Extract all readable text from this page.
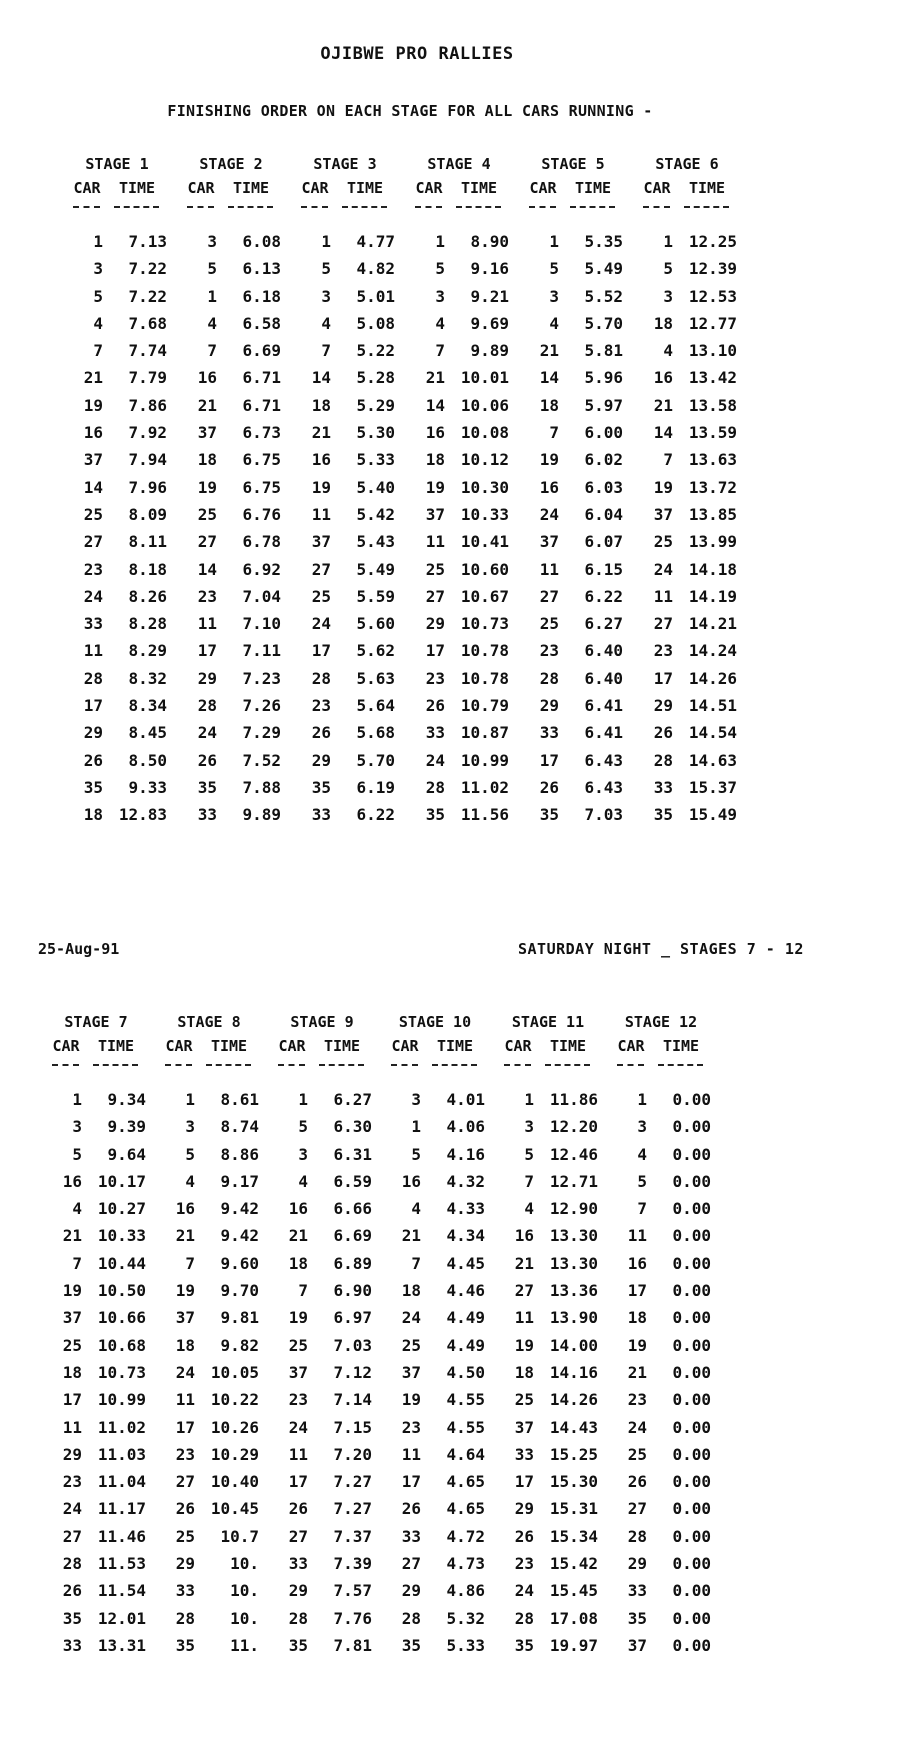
OJIBWE PRO RALLIES
FINISHING ORDER ON EACH STAGE FOR ALL CARS RUNNING -
25-Aug-91	SATURDAY NIGHT _ STAGES 7 - 12
STAGE 1
CAR	TIME
1	7.13
3	7.22
5	7.22
4	7.68
7	7.74
21	7.79
19	7.86
16	7.92
37	7.94
14	7.96
25	8.09
27	8.11
23	8.18
24	8.26
33	8.28
11	8.29
28	8.32
17	8.34
29	8.45
26	8.50
35	9.33
18 12.83
STAGE 2
CAR	TIME
3	6.08
5	6.13
1	6.18
4	6.58
7	6.69
16	6.71
21	6.71
37	6.73
18	6.75
19	6.75
25	6.76
27	6.78
14	6.92
23	7.04
11	7.10
17	7.11
29	7.23
28	7.26
24	7.29
26	7.52
35	7.88
33	9.89
STAGE 3
CAR	TIME
1	4.77
5	4.82
3	5.01
4	5.08
7	5.22
14	5.28
18	5.29
21	5.30
16	5.33
19	5.40
11	5.42
37	5.43
27	5.49
25	5.59
24	5.60
17	5.62
28	5.63
23	5.64
26	5.68
29	5.70
35	6.19
33	6.22
STAGE 4
CAR	TIME
1	8.90
5	9.16
3	9.21
4	9.69
7	9.89
21 10.01
14 10.06
16 10.08
18 10.12
19 10.30
37 10.33
11 10.41
25 10.60
27 10.67
29 10.73
17 10.78
23 10.78
26 10.79
33 10.87
24 10.99
28 11.02
35 11.56
STAGE 5
CAR	TIME
1	5.35
5	5.49
3	5.52
4	5.70
21	5.81
14	5.96
18	5.97
7	6.00
19	6.02
16	6.03
24	6.04
37	6.07
11	6.15
27	6.22
25	6.27
23	6.40
28	6.40
29	6.41
33	6.41
17	6.43
26	6.43
35	7.03
STAGE 6
CAR	TIME
1 12.25
5 12.39
3 12.53
18 12.77
4 13.10
16 13.42
21 13.58
14 13.59
7 13.63
19 13.72
37 13.85
25 13.99
24 14.18
11 14.19
27 14.21
23 14.24
17 14.26
29 14.51
26 14.54
28 14.63
33 15.37
35 15.49
STAGE 7
CAR	TIME
1	9.34
3	9.39
5	9.64
16 10.17
4 10.27
21 10.33
7 10.44
19 10.50
37 10.66
25 10.68
18 10.73
17 10.99
11 11.02
29 11.03
23 11.04
24 11.17
27 11.46
28 11.53
26 11.54
35 12.01
33 13.31
STAGE 8
CAR	TIME
1	8.61
3	8.74
5	8.86
4	9.17
16	9.42
21	9.42
7	9.60
19	9.70
37	9.81
18	9.82
24 10.05
11 10.22
17 10.26
23 10.29
27 10.40
26 10.45
25	10.7
29	10.
33	10.
28	10.
35	11.
STAGE 9
CAR	TIME
1	6.27
5	6.30
3	6.31
4	6.59
16	6.66
21	6.69
18	6.89
7	6.90
19	6.97
25	7.03
37	7.12
23	7.14
24	7.15
11	7.20
17	7.27
26	7.27
27	7.37
33	7.39
29	7.57
28	7.76
35	7.81
STAGE 10
CAR	TIME
3	4.01
1	4.06
5	4.16
16	4.32
4	4.33
21	4.34
7	4.45
18	4.46
24	4.49
25	4.49
37	4.50
19	4.55
23	4.55
11	4.64
17	4.65
26	4.65
33	4.72
27	4.73
29	4.86
28	5.32
35	5.33
STAGE 11
CAR	TIME
1 11.86
3 12.20
5 12.46
7 12.71
4 12.90
16 13.30
21 13.30
27 13.36
11 13.90
19 14.00
18 14.16
25 14.26
37 14.43
33 15.25
17 15.30
29 15.31
26 15.34
23 15.42
24 15.45
28 17.08
35 19.97
STAGE 12
CAR	TIME
1	0.00
3	0.00
4	0.00
5	0.00
7	0.00
11	0.00
16	0.00
17	0.00
18	0.00
19	0.00
21	0.00
23	0.00
24	0.00
25	0.00
26	0.00
27	0.00
28	0.00
29	0.00
33	0.00
35	0.00
37	0.00
